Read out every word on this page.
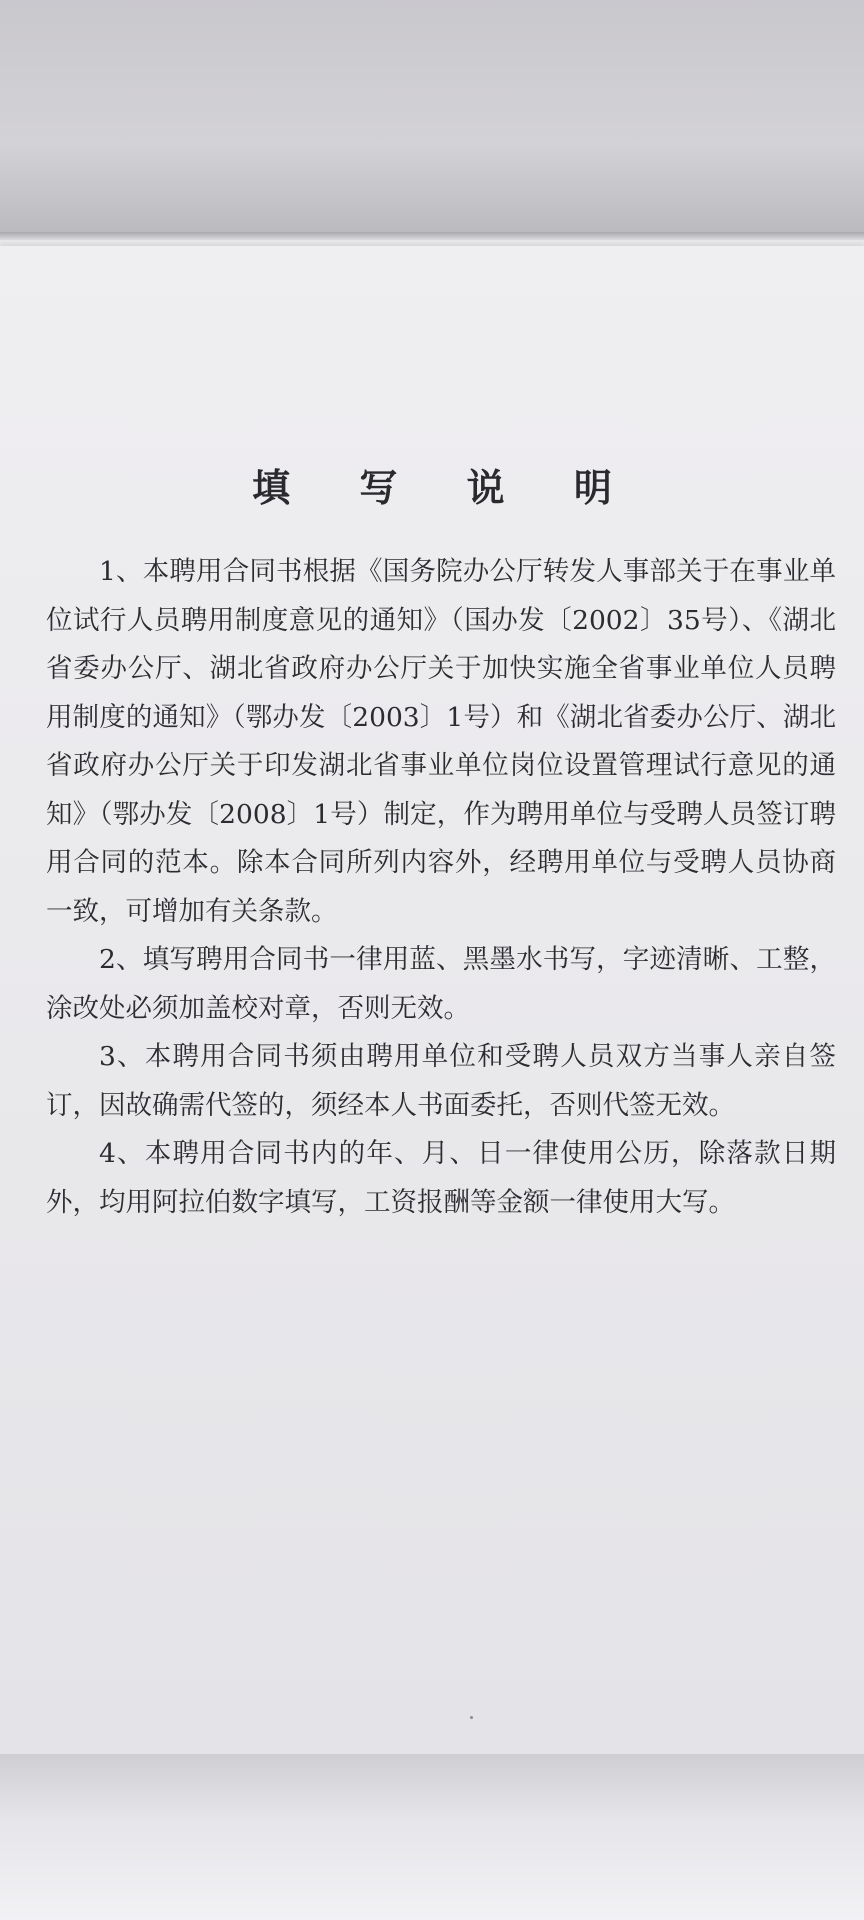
填 写 说 明

1、本聘用合同书根据《国务院办公厅转发人事部关于在事业单位试行人员聘用制度意见的通知》（国办发〔2002〕35号）、《湖北省委办公厅、湖北省政府办公厅关于加快实施全省事业单位人员聘用制度的通知》（鄂办发〔2003〕1号）和《湖北省委办公厅、湖北省政府办公厅关于印发湖北省事业单位岗位设置管理试行意见的通知》（鄂办发〔2008〕1号）制定，作为聘用单位与受聘人员签订聘用合同的范本。除本合同所列内容外，经聘用单位与受聘人员协商一致，可增加有关条款。

2、填写聘用合同书一律用蓝、黑墨水书写，字迹清晰、工整，涂改处必须加盖校对章，否则无效。

3、本聘用合同书须由聘用单位和受聘人员双方当事人亲自签订，因故确需代签的，须经本人书面委托，否则代签无效。

4、本聘用合同书内的年、月、日一律使用公历，除落款日期外，均用阿拉伯数字填写，工资报酬等金额一律使用大写。
